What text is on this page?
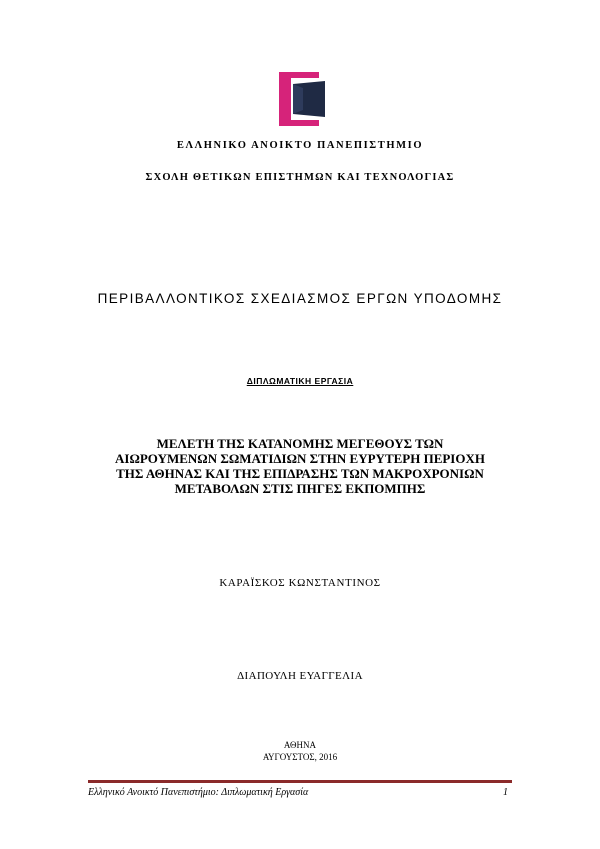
ΕΛΛΗΝΙΚΟ ΑΝΟΙΚΤΟ ΠΑΝΕΠΙΣΤΗΜΙΟ
ΣΧΟΛΗ ΘΕΤΙΚΩΝ ΕΠΙΣΤΗΜΩΝ ΚΑΙ ΤΕΧΝΟΛΟΓΙΑΣ
ΠΕΡΙΒΑΛΛΟΝΤΙΚΟΣ ΣΧΕΔΙΑΣΜΟΣ ΕΡΓΩΝ ΥΠΟΔΟΜΗΣ
ΔΙΠΛΩΜΑΤΙΚΗ ΕΡΓΑΣΙΑ
ΜΕΛΕΤΗ ΤΗΣ ΚΑΤΑΝΟΜΗΣ ΜΕΓΕΘΟΥΣ ΤΩΝ
ΑΙΩΡΟΥΜΕΝΩΝ ΣΩΜΑΤΙΔΙΩΝ ΣΤΗΝ ΕΥΡΥΤΕΡΗ ΠΕΡΙΟΧΗ
ΤΗΣ ΑΘΗΝΑΣ ΚΑΙ ΤΗΣ ΕΠΙΔΡΑΣΗΣ ΤΩΝ ΜΑΚΡΟΧΡΟΝΙΩΝ
ΜΕΤΑΒΟΛΩΝ ΣΤΙΣ ΠΗΓΕΣ ΕΚΠΟΜΠΗΣ
ΚΑΡΑΪΣΚΟΣ ΚΩΝΣΤΑΝΤΙΝΟΣ
ΔΙΑΠΟΥΛΗ ΕΥΑΓΓΕΛΙΑ
ΑΘΗΝΑ
ΑΥΓΟΥΣΤΟΣ, 2016
Ελληνικό Ανοικτό Πανεπιστήμιο: Διπλωματική Εργασία	1
